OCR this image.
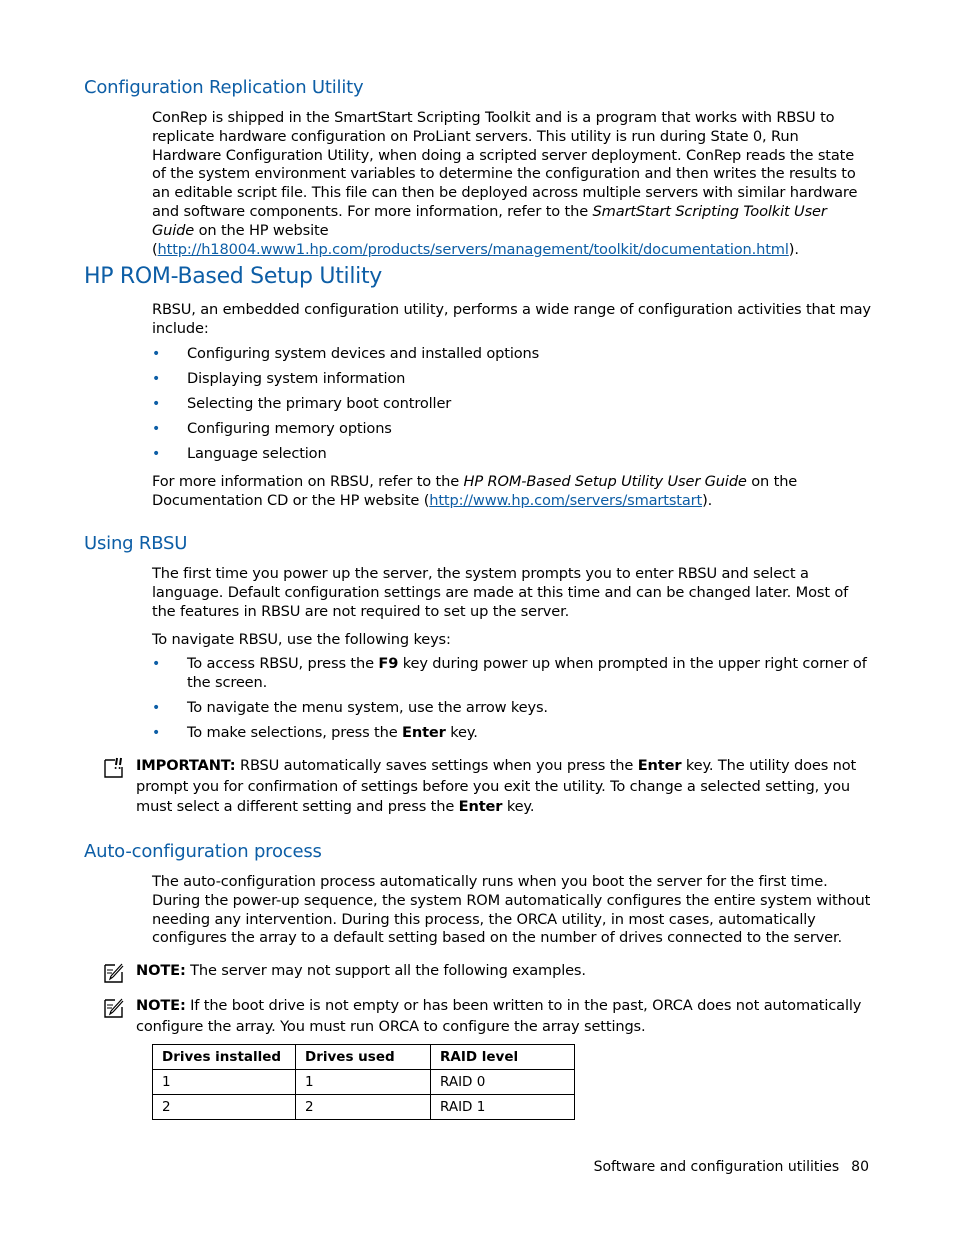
Configuration Replication Utility

ConRep is shipped in the SmartStart Scripting Toolkit and is a program that works with RBSU to replicate hardware configuration on ProLiant servers. This utility is run during State 0, Run Hardware Configuration Utility, when doing a scripted server deployment. ConRep reads the state of the system environment variables to determine the configuration and then writes the results to an editable script file. This file can then be deployed across multiple servers with similar hardware and software components. For more information, refer to the SmartStart Scripting Toolkit User Guide on the HP website (http://h18004.www1.hp.com/products/servers/management/toolkit/documentation.html).

HP ROM-Based Setup Utility

RBSU, an embedded configuration utility, performs a wide range of configuration activities that may include:

• Configuring system devices and installed options
• Displaying system information
• Selecting the primary boot controller
• Configuring memory options
• Language selection

For more information on RBSU, refer to the HP ROM-Based Setup Utility User Guide on the Documentation CD or the HP website (http://www.hp.com/servers/smartstart).

Using RBSU

The first time you power up the server, the system prompts you to enter RBSU and select a language. Default configuration settings are made at this time and can be changed later. Most of the features in RBSU are not required to set up the server.

To navigate RBSU, use the following keys:

• To access RBSU, press the F9 key during power up when prompted in the upper right corner of the screen.
• To navigate the menu system, use the arrow keys.
• To make selections, press the Enter key.
IMPORTANT: RBSU automatically saves settings when you press the Enter key. The utility does not prompt you for confirmation of settings before you exit the utility. To change a selected setting, you must select a different setting and press the Enter key.
Auto-configuration process

The auto-configuration process automatically runs when you boot the server for the first time. During the power-up sequence, the system ROM automatically configures the entire system without needing any intervention. During this process, the ORCA utility, in most cases, automatically configures the array to a default setting based on the number of drives connected to the server.

NOTE: The server may not support all the following examples.
NOTE: If the boot drive is not empty or has been written to in the past, ORCA does not automatically configure the array. You must run ORCA to configure the array settings.
Drives installed	Drives used	RAID level
1	1	RAID 0
2	2	RAID 1
Software and configuration utilities 80
